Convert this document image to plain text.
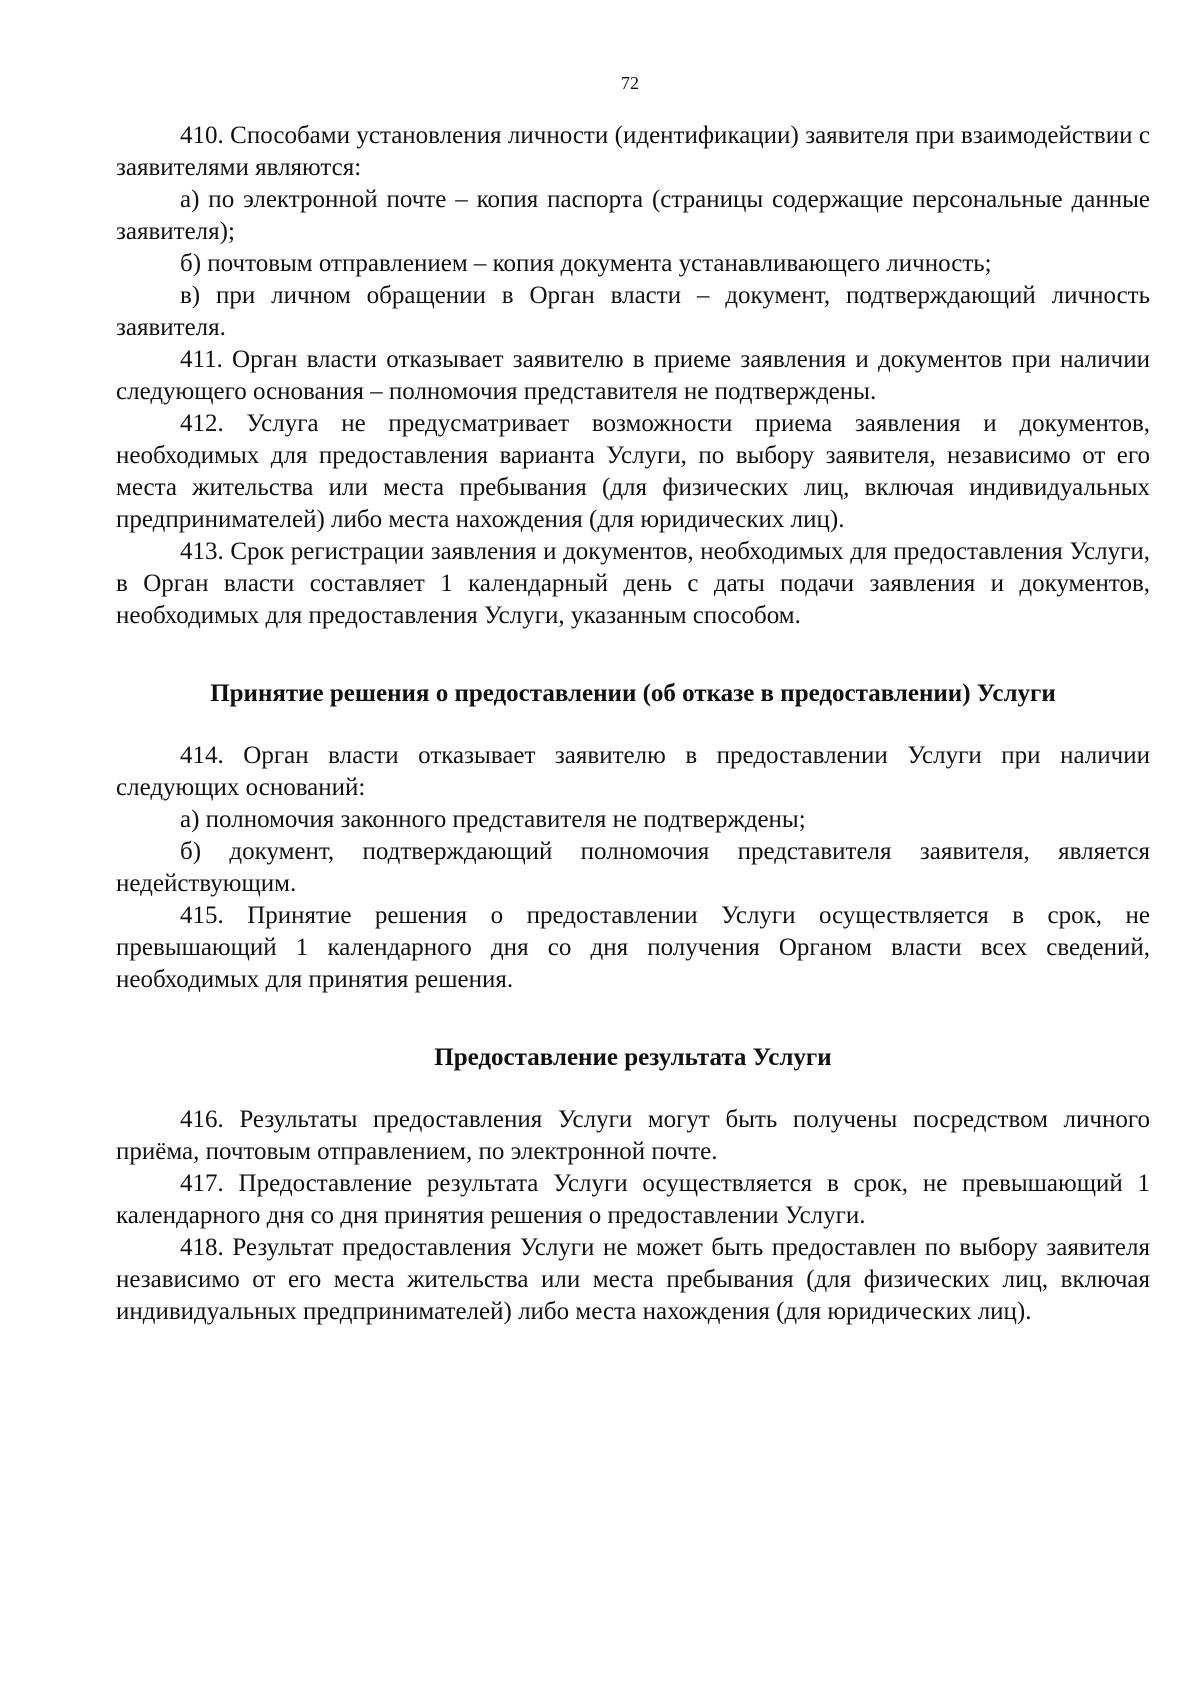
72

410. Способами установления личности (идентификации) заявителя при взаимодействии с заявителями являются:

а) по электронной почте – копия паспорта (страницы содержащие персональные данные заявителя);

б) почтовым отправлением – копия документа устанавливающего личность;

в) при личном обращении в Орган власти – документ, подтверждающий личность заявителя.

411. Орган власти отказывает заявителю в приеме заявления и документов при наличии следующего основания – полномочия представителя не подтверждены.

412. Услуга не предусматривает возможности приема заявления и документов, необходимых для предоставления варианта Услуги, по выбору заявителя, независимо от его места жительства или места пребывания (для физических лиц, включая индивидуальных предпринимателей) либо места нахождения (для юридических лиц).

413. Срок регистрации заявления и документов, необходимых для предоставления Услуги, в Орган власти составляет 1 календарный день с даты подачи заявления и документов, необходимых для предоставления Услуги, указанным способом.

Принятие решения о предоставлении (об отказе в предоставлении) Услуги

414. Орган власти отказывает заявителю в предоставлении Услуги при наличии следующих оснований:

а) полномочия законного представителя не подтверждены;

б) документ, подтверждающий полномочия представителя заявителя, является недействующим.

415. Принятие решения о предоставлении Услуги осуществляется в срок, не превышающий 1 календарного дня со дня получения Органом власти всех сведений, необходимых для принятия решения.

Предоставление результата Услуги

416. Результаты предоставления Услуги могут быть получены посредством личного приёма, почтовым отправлением, по электронной почте.

417. Предоставление результата Услуги осуществляется в срок, не превышающий 1 календарного дня со дня принятия решения о предоставлении Услуги.

418. Результат предоставления Услуги не может быть предоставлен по выбору заявителя независимо от его места жительства или места пребывания (для физических лиц, включая индивидуальных предпринимателей) либо места нахождения (для юридических лиц).
